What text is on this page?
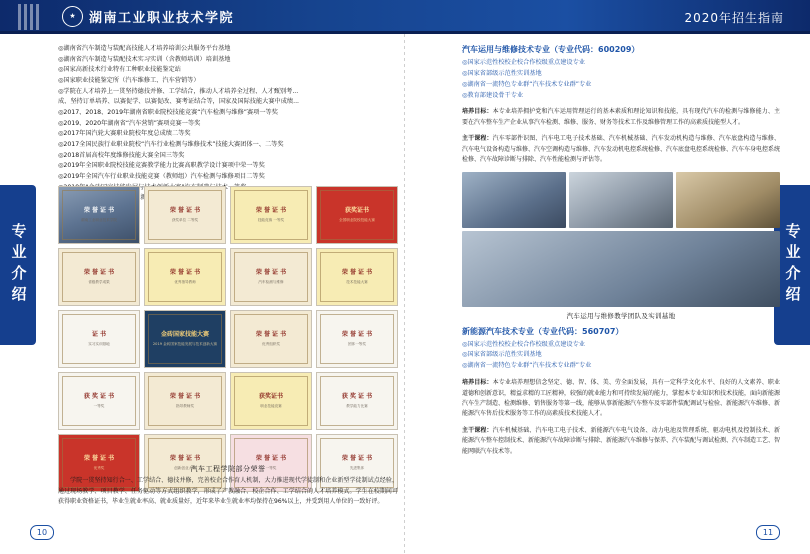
★	湖南工业职业技术学院	2020年招生指南
专业介绍	专业介绍

◎湖南省汽车制造与装配高技能人才培养培训公共服务平台基地

◎湖南省汽车制造与装配技术实习实训（含教师培训）培训基地

◎国家高新技术行业特有工种职业技能鉴定站

◎国家职业技能鉴定所（汽车维修工、汽车营销等）

◎学院在人才培养上一贯坚持德技并修、工学结合，推动人才培养全过程、人才甄别考...

成、坚持订单培养、以赛促学、以赛促改、赛考证结合等，国家及国际技能大赛中成绩...

◎2017、2018、2019年湖南省职业院校技能竞赛“汽车检测与维修”赛项一等奖

◎2019、2020年湖南省“汽车营销”赛项竞赛一等奖

◎2017年国汽轮大赛职业院校年度总成绩二等奖

◎2017全国民族行业职业院校“汽车行业检测与维修技术”技能大赛团体一、二等奖

◎2018首届高校年度维修技能大赛全国三等奖

◎2019年全国职业院校技能竞赛教学能力比赛高职教学设计赛项中荣一等奖

◎2019年全国汽车行业职业技能竞赛（教师组）汽车检测与维修项目二等奖

荣 誉 证 书
湖南工业职业技术学院
荣 誉 证 书
获奖单位 二等奖
荣 誉 证 书
技能竞赛 一等奖
获奖证书
全国职业院校技能大赛
荣 誉 证 书
省级教学成果
荣 誉 证 书
优秀指导教师
荣 誉 证 书
汽车检测与维修
荣 誉 证 书
技术技能大赛
证 书
实习实训基地
金砖国家技能大赛
2019 金砖国家技能发展与技术创新大赛
荣 誉 证 书
优秀组织奖
荣 誉 证 书
团体一等奖
获 奖 证 书
一等奖
荣 誉 证 书
指导教师奖
获奖证书
职业技能竞赛
获 奖 证 书
教学能力比赛
荣 誉 证 书
优秀奖
荣 誉 证 书
创新创业大赛
荣 誉 证 书
一等奖
荣 誉 证 书
先进集体
汽车工程学院部分荣誉
　　学院一贯坚持知行合一、工学结合、德技并修，完善校企合作育人机制，大力推进现代学徒制和企业新型学徒制试点经验，通过现场教学、项目教学、任务驱动等方式组织教学，形成了产教融合、校企合作、工学结合的人才培养模式。学生在校期间可获得职业资格证书，毕业生就业率高、就业质量好，近年来毕业生就业率均保持在96%以上，并受到用人单位的一致好评。
汽车运用与维修技术专业（专业代码：600209）

◎国家示范性校校企校合作校级重点建设专业

◎国家省部级示范性实训基地

◎湖南省一流特色专业群“汽车技术专业群”专业

◎教育部建设骨干专业

培养目标：本专业培养拥护党和汽车运用管理运行的基本素质和理论知识和技能，具有现代汽车的检测与维修能力、主要在汽车整车生产企业从事汽车检测、维修、服务、财务等技术工作及维修管理工作的高素质技能型人才。

主干课程：汽车零部件识图、汽车电工电子技术基础、汽车机械基础、汽车发动机构造与维修、汽车底盘构造与维修、汽车电气设备构造与维修、汽车空调构造与维修、汽车发动机电控系统检修、汽车底盘电控系统检修、汽车车身电控系统检修、汽车故障诊断与排除、汽车性能检测与评估等。

汽车运用与维修教学团队及实训基地
新能源汽车技术专业（专业代码：560707）

◎国家示范性校校企校合作校级重点建设专业

◎国家省部级示范性实训基地

◎湖南省一流特色专业群“汽车技术专业群”专业

培养目标：本专业培养理想信念坚定、德、智、体、美、劳全面发展，具有一定科学文化水平、良好的人文素养、职业道德和创新意识，精益求精的工匠精神，较强的就业能力和可持续发展的能力，掌握本专业知识和技术技能，面向新能源汽车生产制造、检测维修、销售服务等第一线，能够从事新能源汽车整车及零部件装配调试与检验、新能源汽车维修、新能源汽车售后技术服务等工作的高素质技术技能人才。

主干课程：汽车机械基础、汽车电工电子技术、新能源汽车电气设备、动力电池及管理系统、驱动电机及控制技术、新能源汽车整车控制技术、新能源汽车故障诊断与排除、新能源汽车维修与保养、汽车装配与调试检测、汽车制造工艺、智能网联汽车技术等。

10	11
